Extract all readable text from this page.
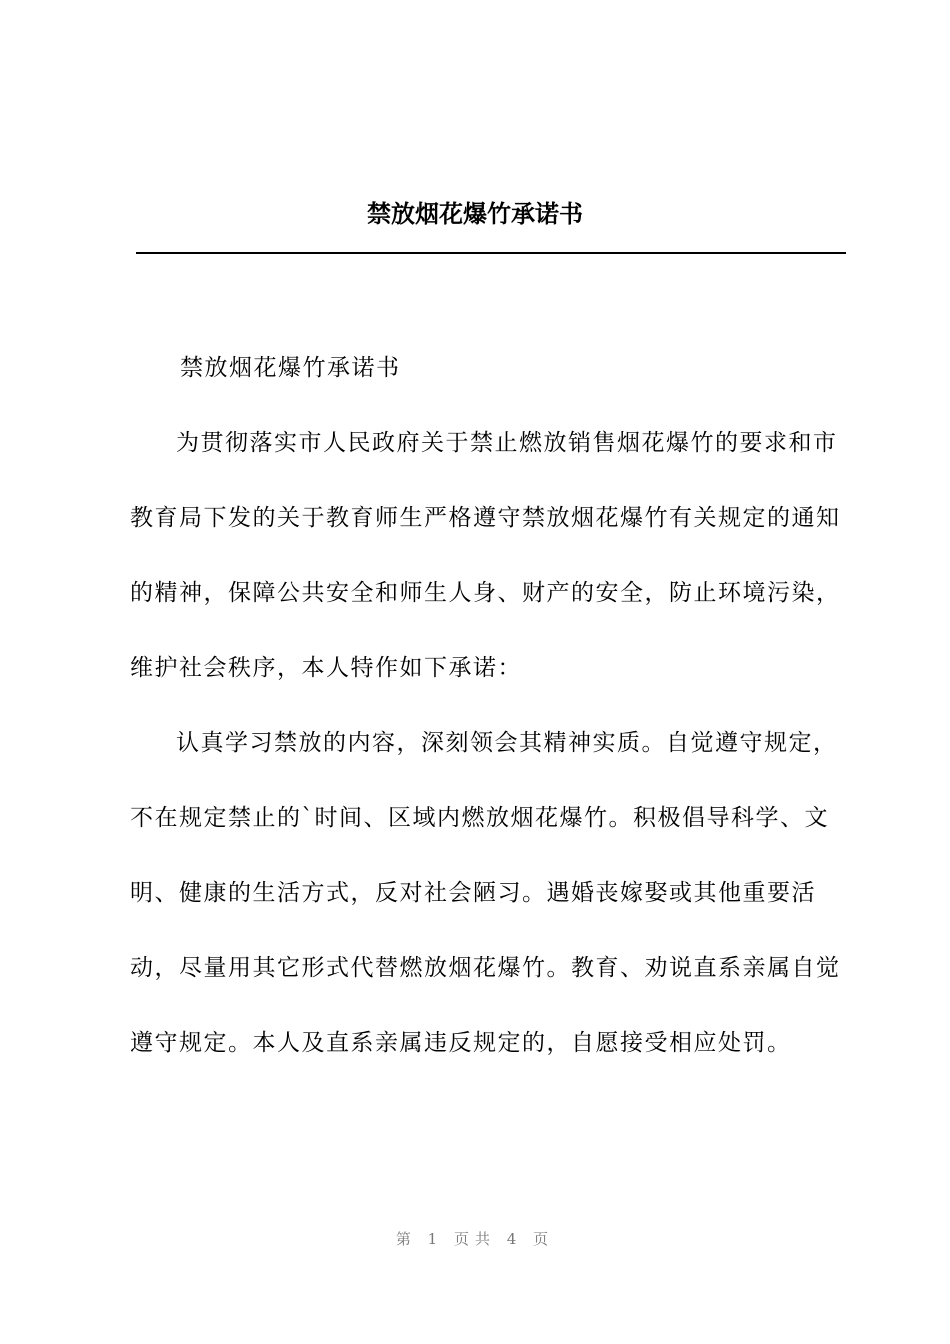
禁放烟花爆竹承诺书
禁放烟花爆竹承诺书

为贯彻落实市人民政府关于禁止燃放销售烟花爆竹的要求和市教育局下发的关于教育师生严格遵守禁放烟花爆竹有关规定的通知的精神，保障公共安全和师生人身、财产的安全，防止环境污染，维护社会秩序，本人特作如下承诺：

认真学习禁放的内容，深刻领会其精神实质。自觉遵守规定，不在规定禁止的`时间、区域内燃放烟花爆竹。积极倡导科学、文明、健康的生活方式，反对社会陋习。遇婚丧嫁娶或其他重要活动，尽量用其它形式代替燃放烟花爆竹。教育、劝说直系亲属自觉遵守规定。本人及直系亲属违反规定的，自愿接受相应处罚。

第 1 页共 4 页
